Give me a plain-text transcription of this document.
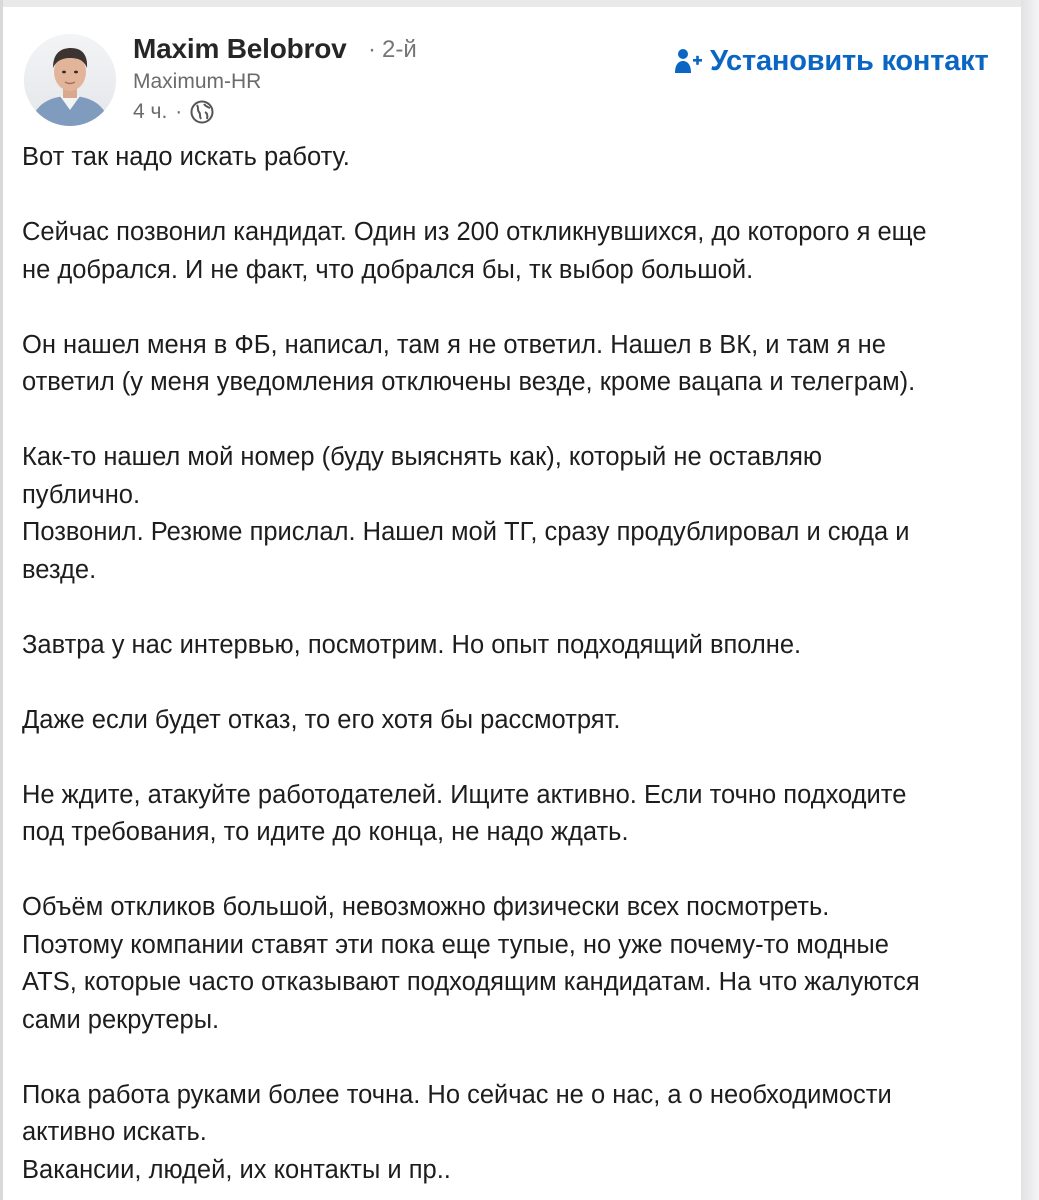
Maxim Belobrov · 2-й
Maximum-HR
4 ч. ·
Установить контакт

Вот так надо искать работу.

Сейчас позвонил кандидат. Один из 200 откликнувшихся, до которого я еще

не добрался. И не факт, что добрался бы, тк выбор большой.

Он нашел меня в ФБ, написал, там я не ответил. Нашел в ВК, и там я не

ответил (у меня уведомления отключены везде, кроме вацапа и телеграм).

Как-то нашел мой номер (буду выяснять как), который не оставляю

публично.

Позвонил. Резюме прислал. Нашел мой ТГ, сразу продублировал и сюда и

везде.

Завтра у нас интервью, посмотрим. Но опыт подходящий вполне.

Даже если будет отказ, то его хотя бы рассмотрят.

Не ждите, атакуйте работодателей. Ищите активно. Если точно подходите

под требования, то идите до конца, не надо ждать.

Объём откликов большой, невозможно физически всех посмотреть.

Поэтому компании ставят эти пока еще тупые, но уже почему-то модные

ATS, которые часто отказывают подходящим кандидатам. На что жалуются

сами рекрутеры.

Пока работа руками более точна. Но сейчас не о нас, а о необходимости

активно искать.

Вакансии, людей, их контакты и пр..
